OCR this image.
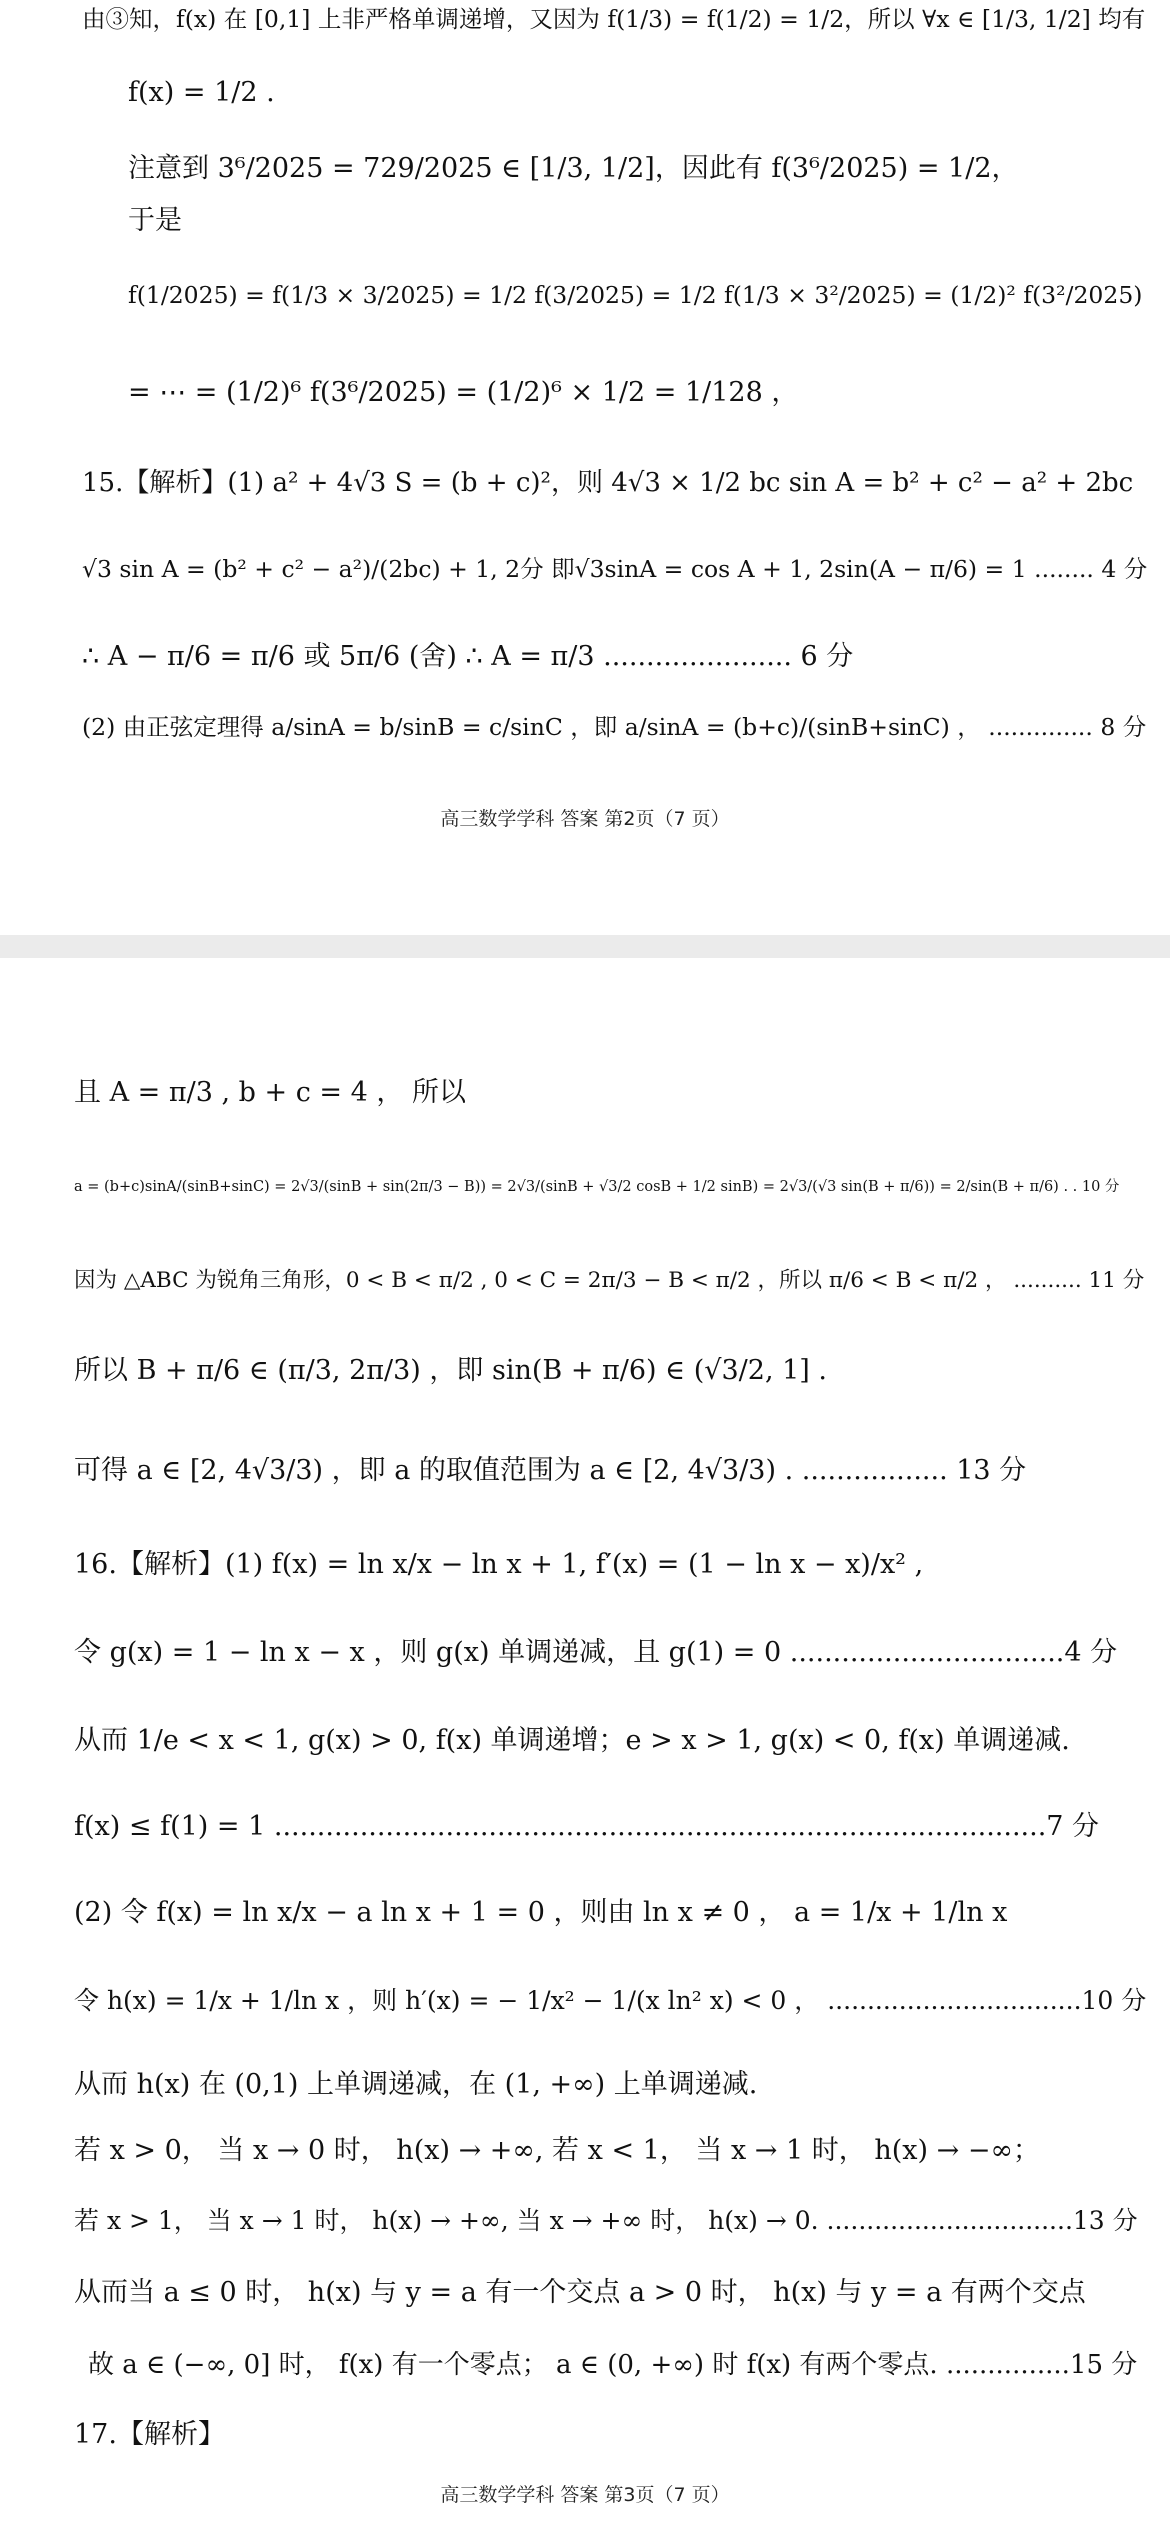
由③知，f(x) 在 [0,1] 上非严格单调递增，又因为 f(1/3) = f(1/2) = 1/2，所以 ∀x ∈ [1/3, 1/2] 均有
f(x) = 1/2 .
注意到 3⁶/2025 = 729/2025 ∈ [1/3, 1/2]，因此有 f(3⁶/2025) = 1/2，
于是
f(1/2025) = f(1/3 × 3/2025) = 1/2 f(3/2025) = 1/2 f(1/3 × 3²/2025) = (1/2)² f(3²/2025)
= ⋯ = (1/2)⁶ f(3⁶/2025) = (1/2)⁶ × 1/2 = 1/128 ，
15.【解析】(1) a² + 4√3 S = (b + c)²，则 4√3 × 1/2 bc sin A = b² + c² − a² + 2bc
√3 sin A = (b² + c² − a²)/(2bc) + 1, 2分 即√3sinA = cos A + 1, 2sin(A − π/6) = 1 ........ 4 分
∴ A − π/6 = π/6 或 5π/6 (舍) ∴ A = π/3 ...................... 6 分
(2) 由正弦定理得 a/sinA = b/sinB = c/sinC ，即 a/sinA = (b+c)/(sinB+sinC) ， .............. 8 分
高三数学学科 答案 第2页（7 页）
且 A = π/3 , b + c = 4 ， 所以
a = (b+c)sinA/(sinB+sinC) = 2√3/(sinB + sin(2π/3 − B)) = 2√3/(sinB + √3/2 cosB + 1/2 sinB) = 2√3/(√3 sin(B + π/6)) = 2/sin(B + π/6) . . 10 分
因为 △ABC 为锐角三角形，0 < B < π/2 , 0 < C = 2π/3 − B < π/2 ，所以 π/6 < B < π/2 ， .......... 11 分
所以 B + π/6 ∈ (π/3, 2π/3) ，即 sin(B + π/6) ∈ (√3/2, 1] .
可得 a ∈ [2, 4√3/3) ，即 a 的取值范围为 a ∈ [2, 4√3/3) . ................. 13 分
16.【解析】(1) f(x) = ln x/x − ln x + 1, f′(x) = (1 − ln x − x)/x² ,
令 g(x) = 1 − ln x − x ，则 g(x) 单调递减，且 g(1) = 0 ................................4 分
从而 1/e < x < 1, g(x) > 0, f(x) 单调递增；e > x > 1, g(x) < 0, f(x) 单调递减.
f(x) ≤ f(1) = 1 ..........................................................................................7 分
(2) 令 f(x) = ln x/x − a ln x + 1 = 0 ，则由 ln x ≠ 0 ， a = 1/x + 1/ln x
令 h(x) = 1/x + 1/ln x ，则 h′(x) = − 1/x² − 1/(x ln² x) < 0 ， ................................10 分
从而 h(x) 在 (0,1) 上单调递减，在 (1, +∞) 上单调递减.
若 x > 0， 当 x → 0 时， h(x) → +∞, 若 x < 1， 当 x → 1 时， h(x) → −∞；
若 x > 1， 当 x → 1 时， h(x) → +∞, 当 x → +∞ 时， h(x) → 0. ...............................13 分
从而当 a ≤ 0 时， h(x) 与 y = a 有一个交点 a > 0 时， h(x) 与 y = a 有两个交点
故 a ∈ (−∞, 0] 时， f(x) 有一个零点； a ∈ (0, +∞) 时 f(x) 有两个零点. ...............15 分
17.【解析】
高三数学学科 答案 第3页（7 页）
